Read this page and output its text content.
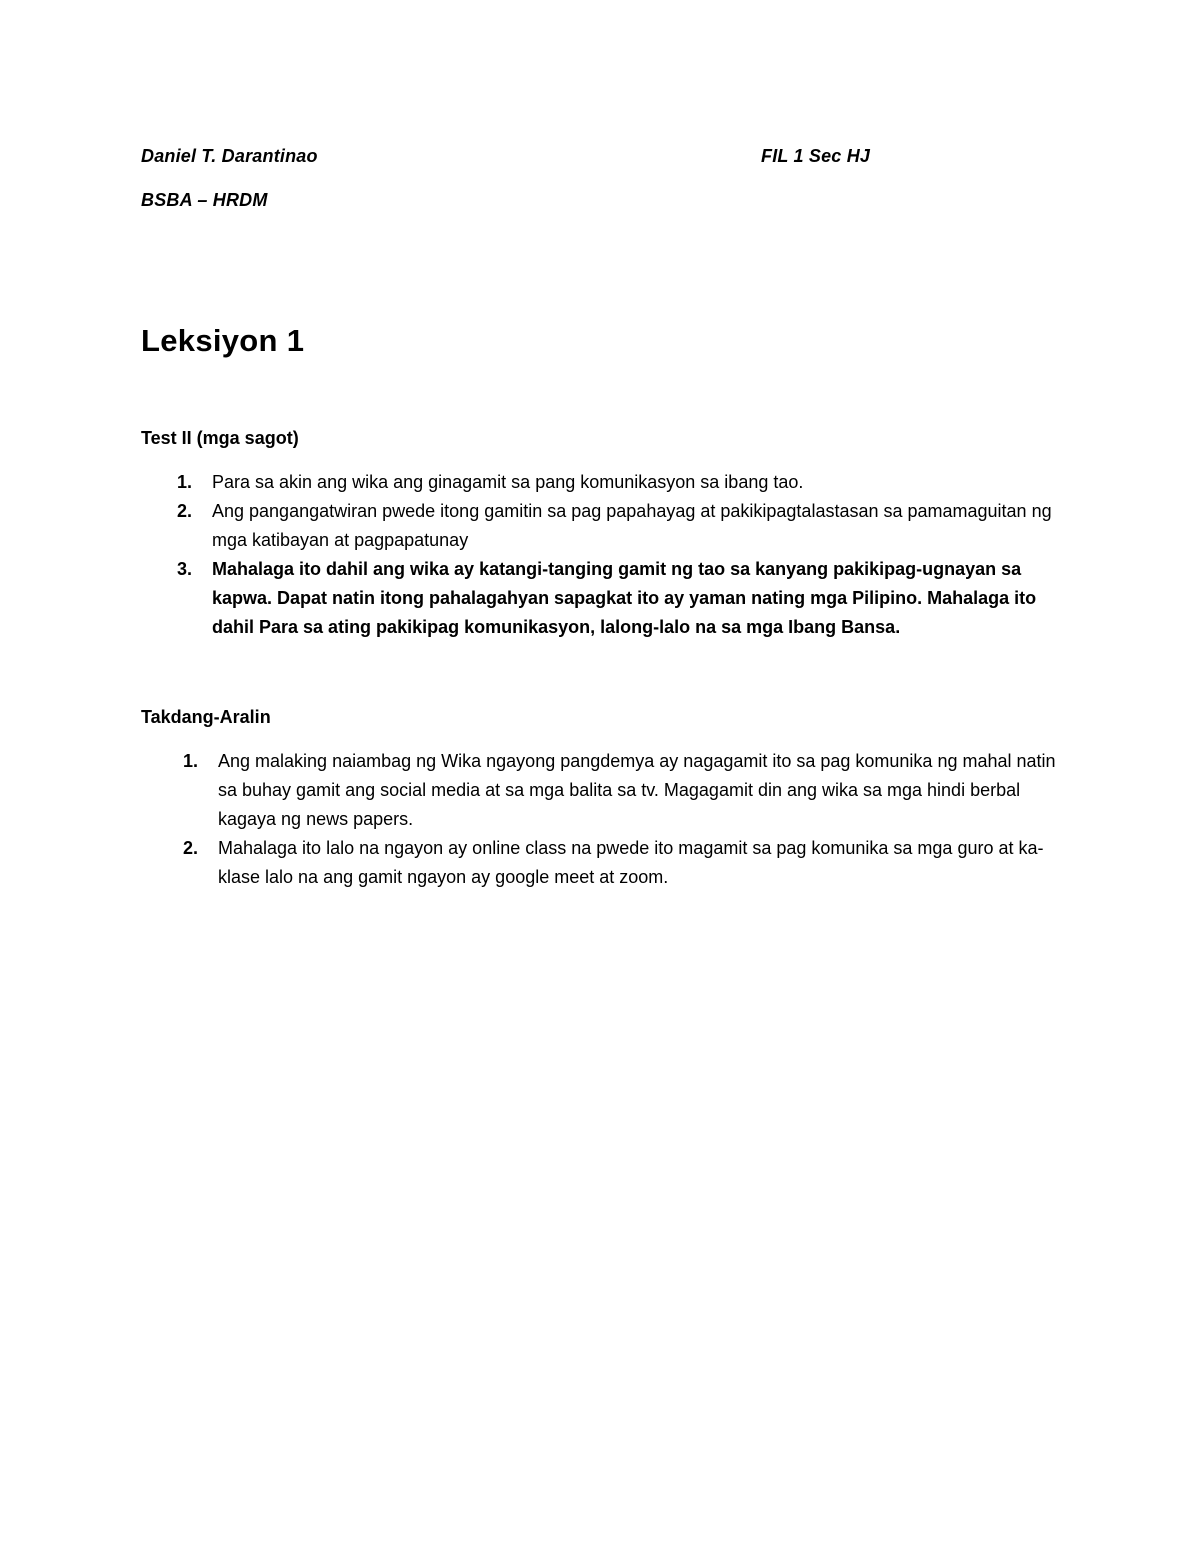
Daniel T. Darantinao	FIL 1 Sec HJ
BSBA – HRDM
Leksiyon 1
Test II (mga sagot)
1. Para sa akin ang wika ang ginagamit sa pang komunikasyon sa ibang tao.
2. Ang pangangatwiran pwede itong gamitin sa pag papahayag at pakikipagtalastasan sa pamamaguitan ng mga katibayan at pagpapatunay
3. Mahalaga ito dahil ang wika ay katangi-tanging gamit ng tao sa kanyang pakikipag-ugnayan sa kapwa. Dapat natin itong pahalagahyan sapagkat ito ay yaman nating mga Pilipino. Mahalaga ito dahil Para sa ating pakikipag komunikasyon, lalong-lalo na sa mga Ibang Bansa.
Takdang-Aralin
1. Ang malaking naiambag ng Wika ngayong pangdemya ay nagagamit ito sa pag komunika ng mahal natin sa buhay gamit ang social media at sa mga balita sa tv. Magagamit din ang wika sa mga hindi berbal kagaya ng news papers.
2. Mahalaga ito lalo na ngayon ay online class na pwede ito magamit sa pag komunika sa mga guro at ka-klase lalo na ang gamit ngayon ay google meet at zoom.
